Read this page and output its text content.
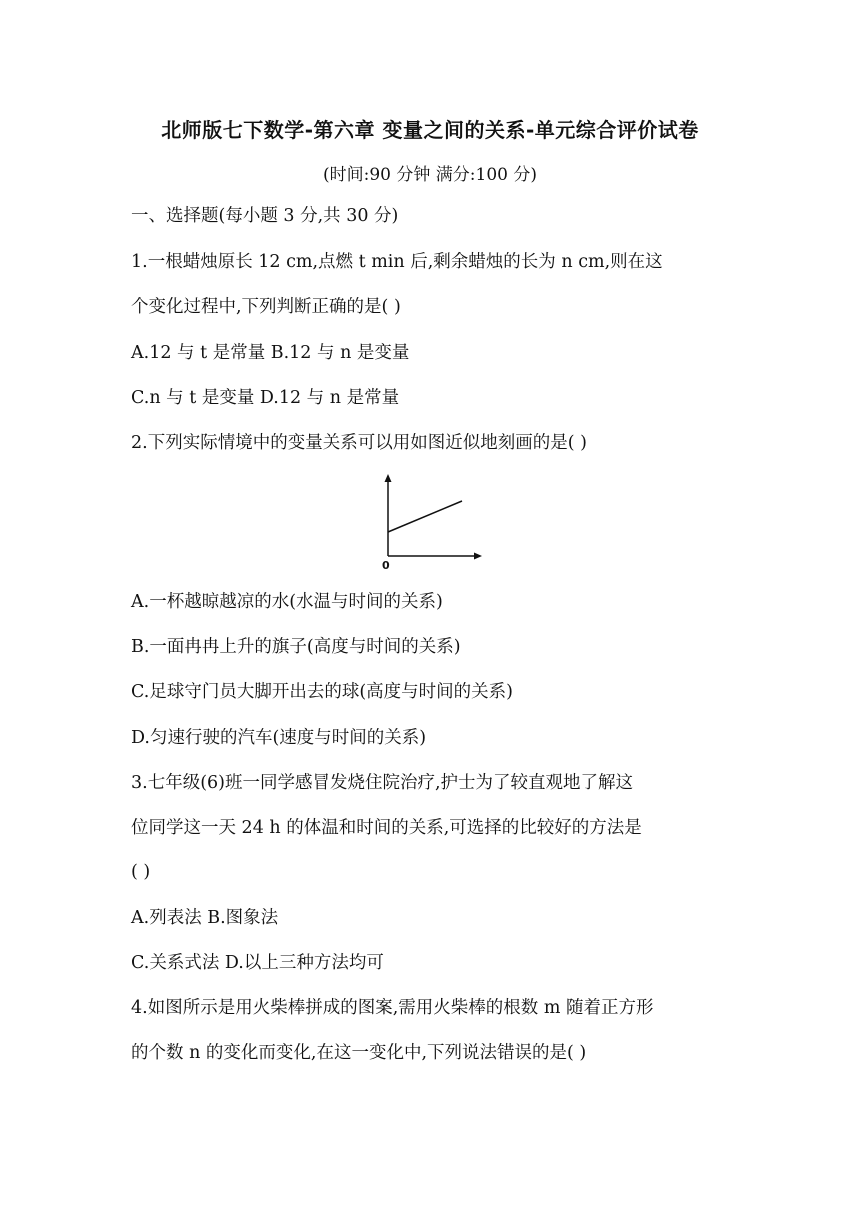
北师版七下数学-第六章 变量之间的关系-单元综合评价试卷
(时间:90 分钟 满分:100 分)
一、选择题(每小题 3 分,共 30 分)
1.一根蜡烛原长 12 cm,点燃 t min 后,剩余蜡烛的长为 n cm,则在这
个变化过程中,下列判断正确的是( )
A.12 与 t 是常量 B.12 与 n 是变量
C.n 与 t 是变量 D.12 与 n 是常量
2.下列实际情境中的变量关系可以用如图近似地刻画的是( )
0
A.一杯越晾越凉的水(水温与时间的关系)
B.一面冉冉上升的旗子(高度与时间的关系)
C.足球守门员大脚开出去的球(高度与时间的关系)
D.匀速行驶的汽车(速度与时间的关系)
3.七年级(6)班一同学感冒发烧住院治疗,护士为了较直观地了解这
位同学这一天 24 h 的体温和时间的关系,可选择的比较好的方法是
( )
A.列表法 B.图象法
C.关系式法 D.以上三种方法均可
4.如图所示是用火柴棒拼成的图案,需用火柴棒的根数 m 随着正方形
的个数 n 的变化而变化,在这一变化中,下列说法错误的是( )
